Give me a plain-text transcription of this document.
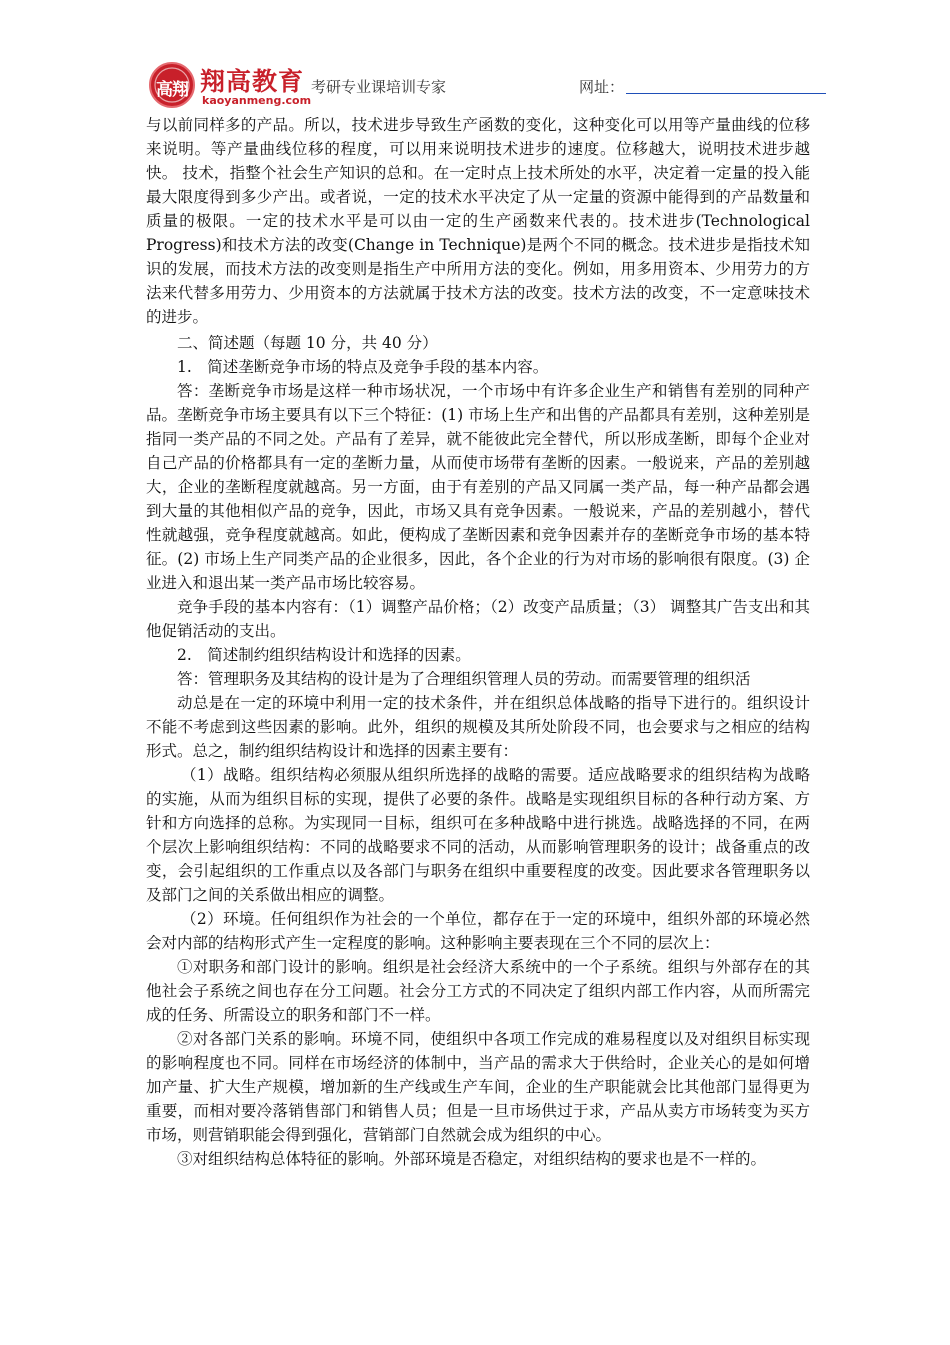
高翔 翔高教育
kaoyanmeng.com
考研专业课培训专家	网址：

与以前同样多的产品。所以，技术进步导致生产函数的变化，这种变化可以用等产量曲线的位移来说明。等产量曲线位移的程度，可以用来说明技术进步的速度。位移越大，说明技术进步越快。 技术，指整个社会生产知识的总和。在一定时点上技术所处的水平，决定着一定量的投入能最大限度得到多少产出。或者说，一定的技术水平决定了从一定量的资源中能得到的产品数量和质量的极限。一定的技术水平是可以由一定的生产函数来代表的。技术进步(Technological Progress)和技术方法的改变(Change in Technique)是两个不同的概念。技术进步是指技术知识的发展，而技术方法的改变则是指生产中所用方法的变化。例如，用多用资本、少用劳力的方法来代替多用劳力、少用资本的方法就属于技术方法的改变。技术方法的改变，不一定意味技术的进步。

二、简述题（每题 10 分，共 40 分）

1.　简述垄断竞争市场的特点及竞争手段的基本内容。

答：垄断竞争市场是这样一种市场状况，一个市场中有许多企业生产和销售有差别的同种产品。垄断竞争市场主要具有以下三个特征：(1) 市场上生产和出售的产品都具有差别，这种差别是指同一类产品的不同之处。产品有了差异，就不能彼此完全替代，所以形成垄断，即每个企业对自己产品的价格都具有一定的垄断力量，从而使市场带有垄断的因素。一般说来，产品的差别越大，企业的垄断程度就越高。另一方面，由于有差别的产品又同属一类产品，每一种产品都会遇到大量的其他相似产品的竞争，因此，市场又具有竞争因素。一般说来，产品的差别越小，替代性就越强，竞争程度就越高。如此，便构成了垄断因素和竞争因素并存的垄断竞争市场的基本特征。(2) 市场上生产同类产品的企业很多，因此，各个企业的行为对市场的影响很有限度。(3) 企业进入和退出某一类产品市场比较容易。

竞争手段的基本内容有：（1）调整产品价格；（2）改变产品质量；（3） 调整其广告支出和其他促销活动的支出。

2.　简述制约组织结构设计和选择的因素。

答：管理职务及其结构的设计是为了合理组织管理人员的劳动。而需要管理的组织活

动总是在一定的环境中利用一定的技术条件，并在组织总体战略的指导下进行的。组织设计不能不考虑到这些因素的影响。此外，组织的规模及其所处阶段不同，也会要求与之相应的结构形式。总之，制约组织结构设计和选择的因素主要有：

（1）战略。组织结构必须服从组织所选择的战略的需要。适应战略要求的组织结构为战略的实施，从而为组织目标的实现，提供了必要的条件。战略是实现组织目标的各种行动方案、方针和方向选择的总称。为实现同一目标，组织可在多种战略中进行挑选。战略选择的不同，在两个层次上影响组织结构：不同的战略要求不同的活动，从而影响管理职务的设计；战备重点的改变，会引起组织的工作重点以及各部门与职务在组织中重要程度的改变。因此要求各管理职务以及部门之间的关系做出相应的调整。

（2）环境。任何组织作为社会的一个单位，都存在于一定的环境中，组织外部的环境必然会对内部的结构形式产生一定程度的影响。这种影响主要表现在三个不同的层次上：

①对职务和部门设计的影响。组织是社会经济大系统中的一个子系统。组织与外部存在的其他社会子系统之间也存在分工问题。社会分工方式的不同决定了组织内部工作内容，从而所需完成的任务、所需设立的职务和部门不一样。

②对各部门关系的影响。环境不同，使组织中各项工作完成的难易程度以及对组织目标实现的影响程度也不同。同样在市场经济的体制中，当产品的需求大于供给时，企业关心的是如何增加产量、扩大生产规模，增加新的生产线或生产车间，企业的生产职能就会比其他部门显得更为重要，而相对要冷落销售部门和销售人员；但是一旦市场供过于求，产品从卖方市场转变为买方市场，则营销职能会得到强化，营销部门自然就会成为组织的中心。

③对组织结构总体特征的影响。外部环境是否稳定，对组织结构的要求也是不一样的。
